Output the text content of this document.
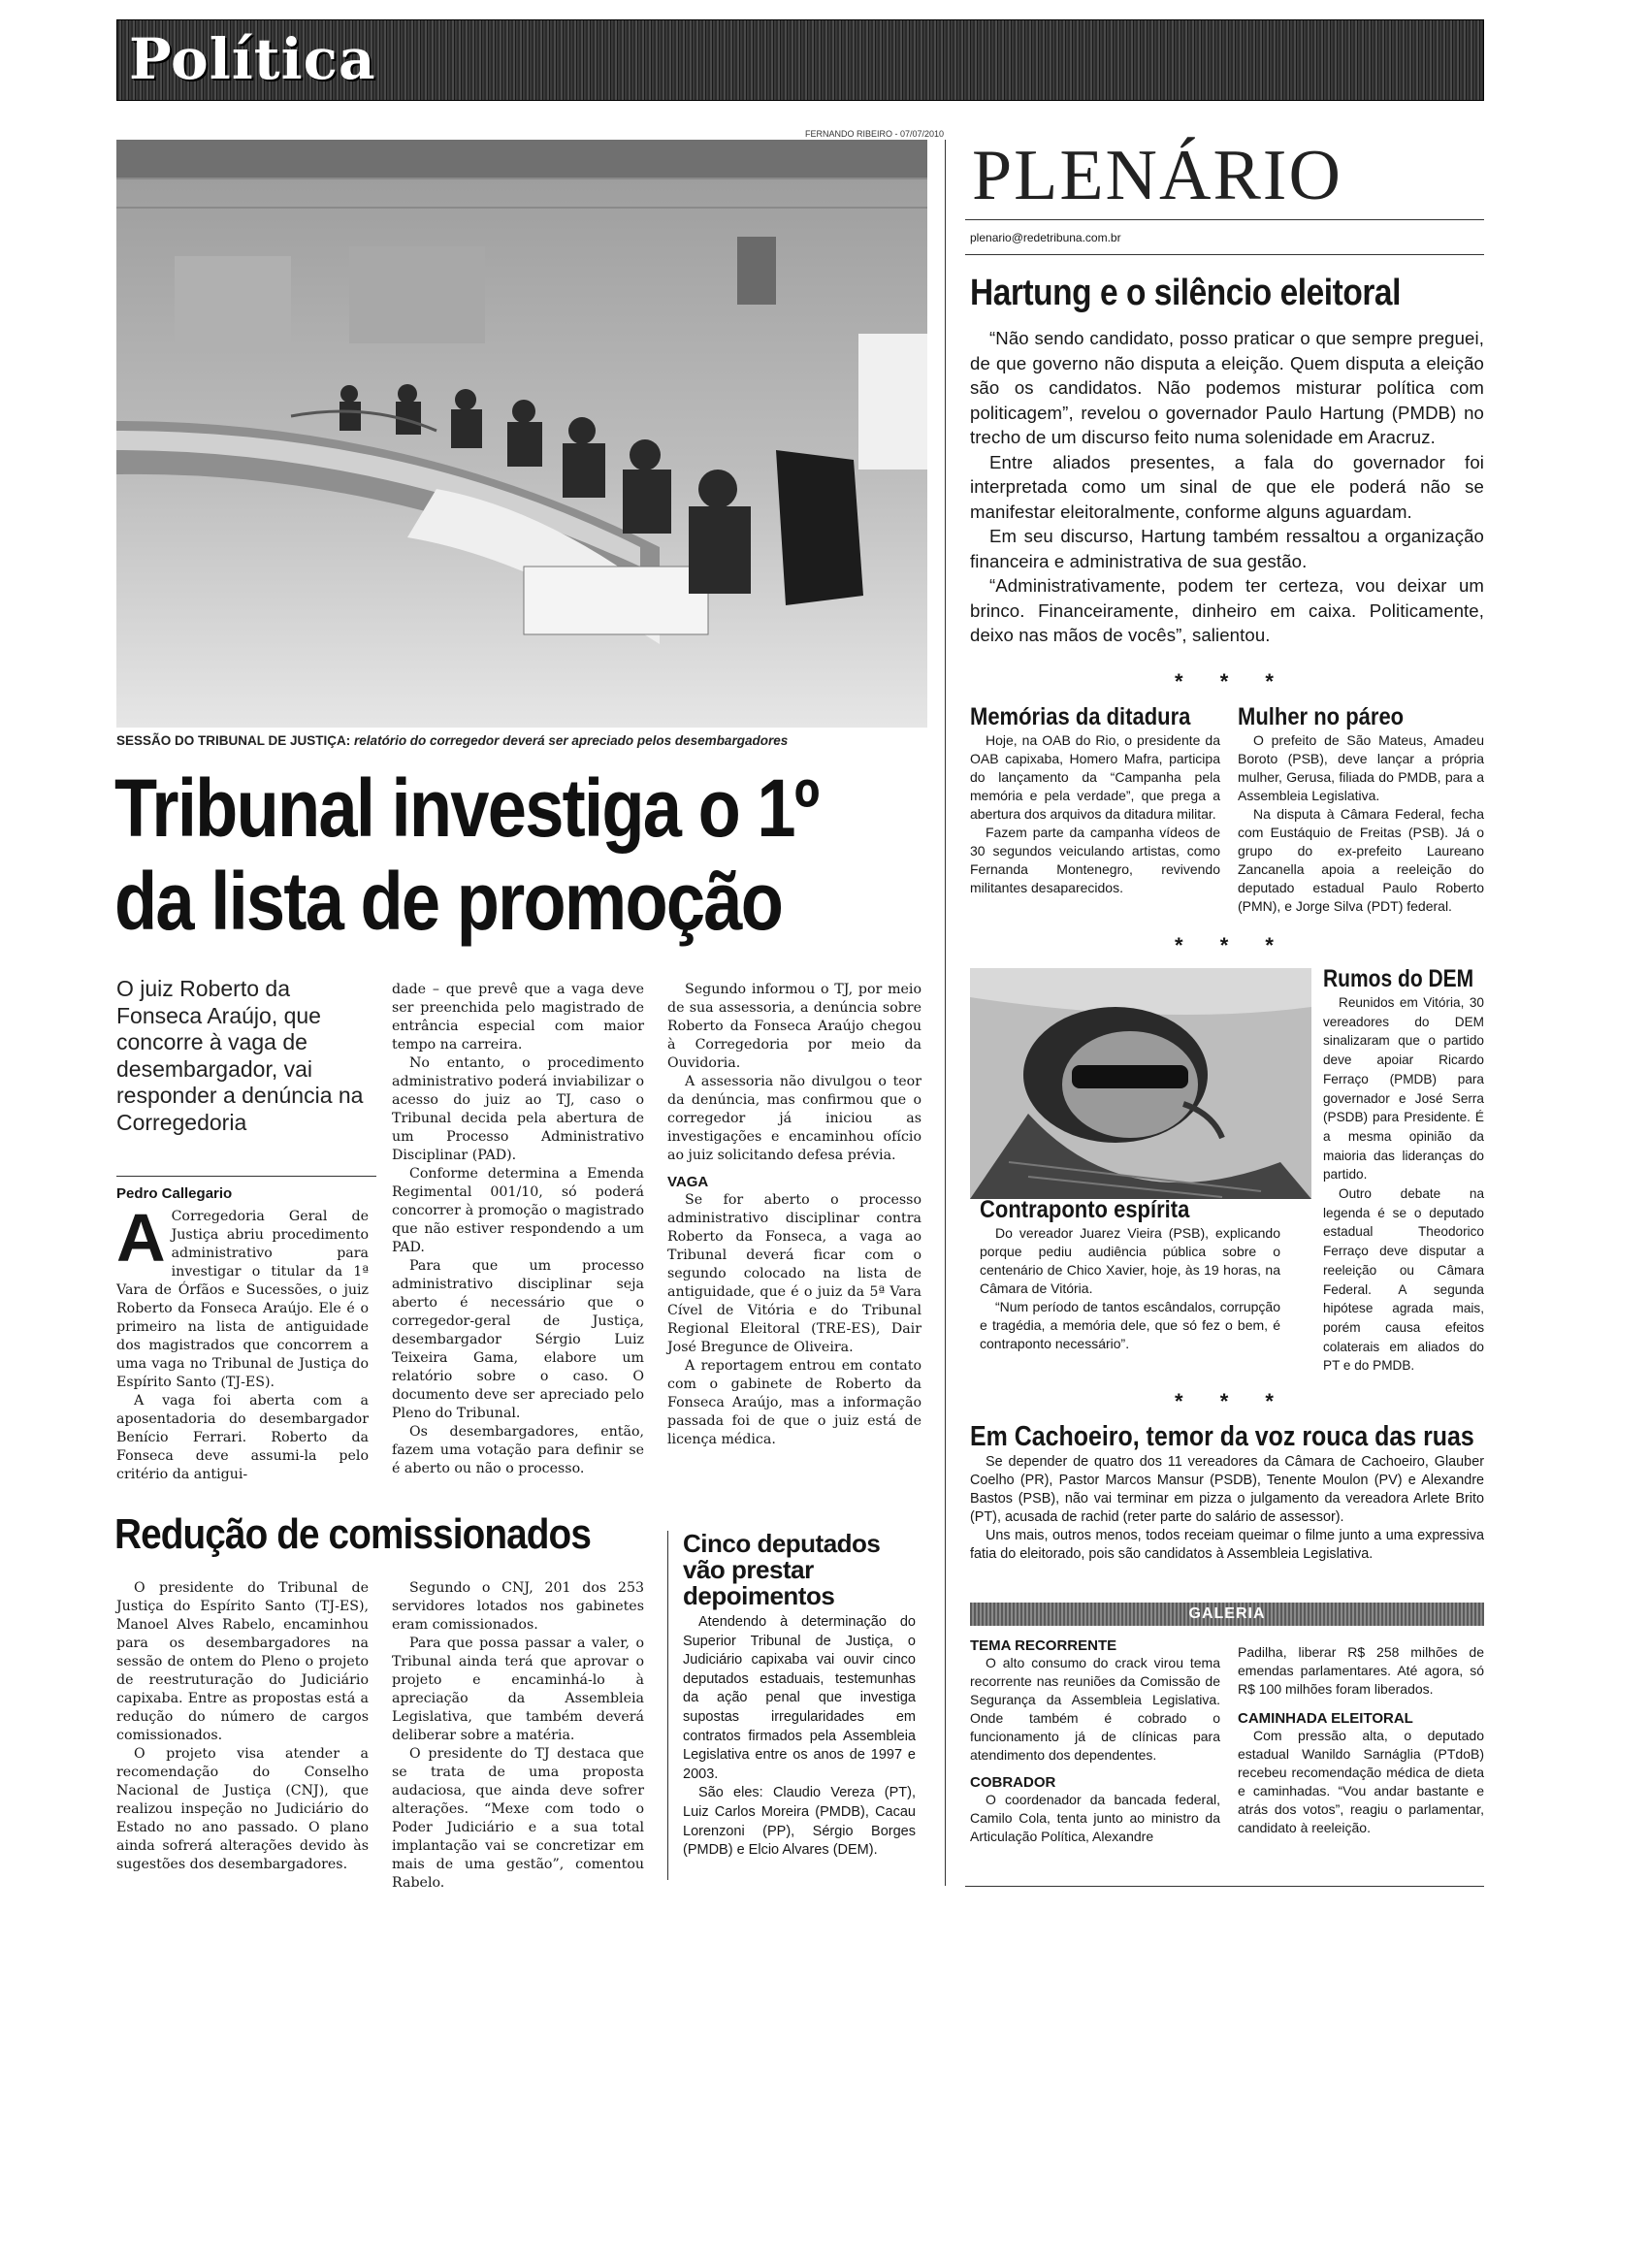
Política
FERNANDO RIBEIRO - 07/07/2010
SESSÃO DO TRIBUNAL DE JUSTIÇA: relatório do corregedor deverá ser apreciado pelos desembargadores
Tribunal investiga o 1º
da lista de promoção
O juiz Roberto da Fonseca Araújo, que concorre à vaga de desembargador, vai responder a denúncia na Corregedoria
Pedro Callegario
A Corregedoria Geral de Justiça abriu procedimento administrativo para investigar o titular da 1ª Vara de Órfãos e Sucessões, o juiz Roberto da Fonseca Araújo. Ele é o primeiro na lista de antiguidade dos magistrados que concorrem a uma vaga no Tribunal de Justiça do Espírito Santo (TJ-ES).

A vaga foi aberta com a aposentadoria do desembargador Benício Ferrari. Roberto da Fonseca deve assumi-la pelo critério da antigui-

dade – que prevê que a vaga deve ser preenchida pelo magistrado de entrância especial com maior tempo na carreira.

No entanto, o procedimento administrativo poderá inviabilizar o acesso do juiz ao TJ, caso o Tribunal decida pela abertura de um Processo Administrativo Disciplinar (PAD).

Conforme determina a Emenda Regimental 001/10, só poderá concorrer à promoção o magistrado que não estiver respondendo a um PAD.

Para que um processo administrativo disciplinar seja aberto é necessário que o corregedor-geral de Justiça, desembargador Sérgio Luiz Teixeira Gama, elabore um relatório sobre o caso. O documento deve ser apreciado pelo Pleno do Tribunal.

Os desembargadores, então, fazem uma votação para definir se é aberto ou não o processo.

Segundo informou o TJ, por meio de sua assessoria, a denúncia sobre Roberto da Fonseca Araújo chegou à Corregedoria por meio da Ouvidoria.

A assessoria não divulgou o teor da denúncia, mas confirmou que o corregedor já iniciou as investigações e encaminhou ofício ao juiz solicitando defesa prévia.

VAGA

Se for aberto o processo administrativo disciplinar contra Roberto da Fonseca, a vaga ao Tribunal deverá ficar com o segundo colocado na lista de antiguidade, que é o juiz da 5ª Vara Cível de Vitória e do Tribunal Regional Eleitoral (TRE-ES), Dair José Bregunce de Oliveira.

A reportagem entrou em contato com o gabinete de Roberto da Fonseca Araújo, mas a informação passada foi de que o juiz está de licença médica.

Redução de comissionados

O presidente do Tribunal de Justiça do Espírito Santo (TJ-ES), Manoel Alves Rabelo, encaminhou para os desembargadores na sessão de ontem do Pleno o projeto de reestruturação do Judiciário capixaba. Entre as propostas está a redução do número de cargos comissionados.

O projeto visa atender a recomendação do Conselho Nacional de Justiça (CNJ), que realizou inspeção no Judiciário do Estado no ano passado. O plano ainda sofrerá alterações devido às sugestões dos desembargadores.

Segundo o CNJ, 201 dos 253 servidores lotados nos gabinetes eram comissionados.

Para que possa passar a valer, o Tribunal ainda terá que aprovar o projeto e encaminhá-lo à apreciação da Assembleia Legislativa, que também deverá deliberar sobre a matéria.

O presidente do TJ destaca que se trata de uma proposta audaciosa, que ainda deve sofrer alterações. “Mexe com todo o Poder Judiciário e a sua total implantação vai se concretizar em mais de uma gestão”, comentou Rabelo.

Cinco deputados vão prestar depoimentos

Atendendo à determinação do Superior Tribunal de Justiça, o Judiciário capixaba vai ouvir cinco deputados estaduais, testemunhas da ação penal que investiga supostas irregularidades em contratos firmados pela Assembleia Legislativa entre os anos de 1997 e 2003.

São eles: Claudio Vereza (PT), Luiz Carlos Moreira (PMDB), Cacau Lorenzoni (PP), Sérgio Borges (PMDB) e Elcio Alvares (DEM).

PLENÁRIO
plenario@redetribuna.com.br
Hartung e o silêncio eleitoral

“Não sendo candidato, posso praticar o que sempre preguei, de que governo não disputa a eleição. Quem disputa a eleição são os candidatos. Não podemos misturar política com politicagem”, revelou o governador Paulo Hartung (PMDB) no trecho de um discurso feito numa solenidade em Aracruz.

Entre aliados presentes, a fala do governador foi interpretada como um sinal de que ele poderá não se manifestar eleitoralmente, conforme alguns aguardam.

Em seu discurso, Hartung também ressaltou a organização financeira e administrativa de sua gestão.

“Administrativamente, podem ter certeza, vou deixar um brinco. Financeiramente, dinheiro em caixa. Politicamente, deixo nas mãos de vocês”, salientou.

* * *
Memórias da ditadura

Hoje, na OAB do Rio, o presidente da OAB capixaba, Homero Mafra, participa do lançamento da “Campanha pela memória e pela verdade”, que prega a abertura dos arquivos da ditadura militar.

Fazem parte da campanha vídeos de 30 segundos veiculando artistas, como Fernanda Montenegro, revivendo militantes desaparecidos.

Mulher no páreo

O prefeito de São Mateus, Amadeu Boroto (PSB), deve lançar a própria mulher, Gerusa, filiada do PMDB, para a Assembleia Legislativa.

Na disputa à Câmara Federal, fecha com Eustáquio de Freitas (PSB). Já o grupo do ex-prefeito Laureano Zancanella apoia a reeleição do deputado estadual Paulo Roberto (PMN), e Jorge Silva (PDT) federal.

* * *
Contraponto espírita

Do vereador Juarez Vieira (PSB), explicando porque pediu audiência pública sobre o centenário de Chico Xavier, hoje, às 19 horas, na Câmara de Vitória.

“Num período de tantos escândalos, corrupção e tragédia, a memória dele, que só fez o bem, é contraponto necessário”.

Rumos do DEM

Reunidos em Vitória, 30 vereadores do DEM sinalizaram que o partido deve apoiar Ricardo Ferraço (PMDB) para governador e José Serra (PSDB) para Presidente. É a mesma opinião da maioria das lideranças do partido.

Outro debate na legenda é se o deputado estadual Theodorico Ferraço deve disputar a reeleição ou Câmara Federal. A segunda hipótese agrada mais, porém causa efeitos colaterais em aliados do PT e do PMDB.

* * *
Em Cachoeiro, temor da voz rouca das ruas

Se depender de quatro dos 11 vereadores da Câmara de Cachoeiro, Glauber Coelho (PR), Pastor Marcos Mansur (PSDB), Tenente Moulon (PV) e Alexandre Bastos (PSB), não vai terminar em pizza o julgamento da vereadora Arlete Brito (PT), acusada de rachid (reter parte do salário de assessor).

Uns mais, outros menos, todos receiam queimar o filme junto a uma expressiva fatia do eleitorado, pois são candidatos à Assembleia Legislativa.

GALERIA
TEMA RECORRENTE

O alto consumo do crack virou tema recorrente nas reuniões da Comissão de Segurança da Assembleia Legislativa. Onde também é cobrado o funcionamento já de clínicas para atendimento dos dependentes.

COBRADOR

O coordenador da bancada federal, Camilo Cola, tenta junto ao ministro da Articulação Política, Alexandre

Padilha, liberar R$ 258 milhões de emendas parlamentares. Até agora, só R$ 100 milhões foram liberados.
CAMINHADA ELEITORAL

Com pressão alta, o deputado estadual Wanildo Sarnáglia (PTdoB) recebeu recomendação médica de dieta e caminhadas. “Vou andar bastante e atrás dos votos”, reagiu o parlamentar, candidato à reeleição.
